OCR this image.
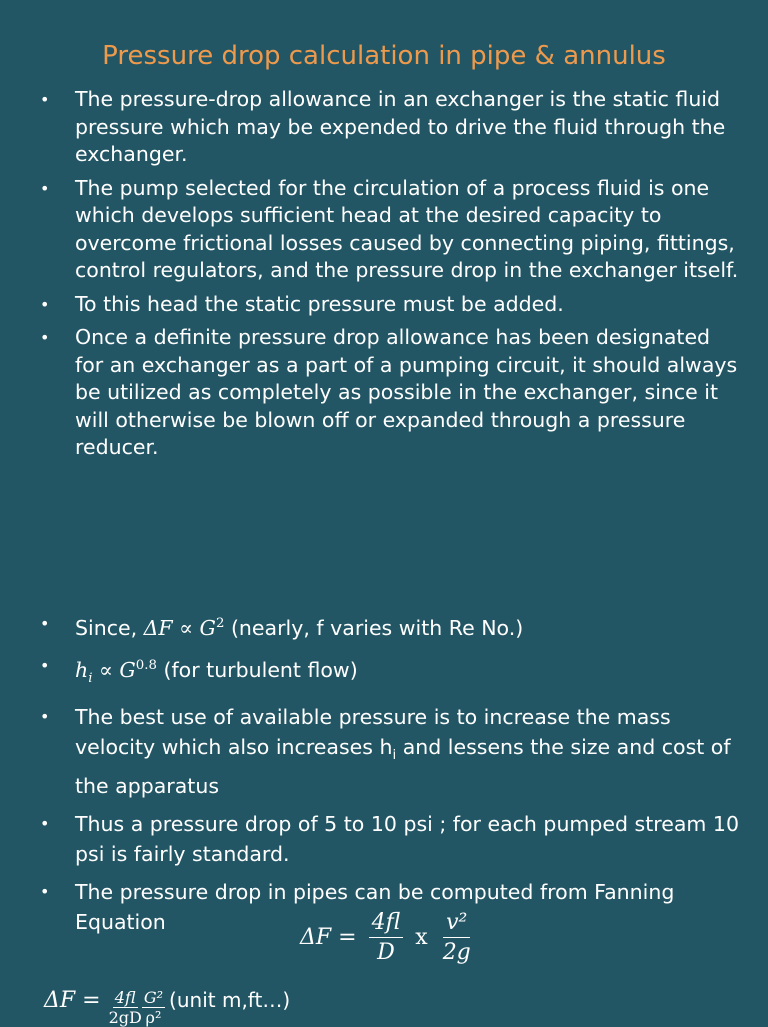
Pressure drop calculation in pipe & annulus
• The pressure-drop allowance in an exchanger is the static fluid pressure which may be expended to drive the fluid through the exchanger.
• The pump selected for the circulation of a process fluid is one which develops sufficient head at the desired capacity to overcome frictional losses caused by connecting piping, fittings, control regulators, and the pressure drop in the exchanger itself.
• To this head the static pressure must be added.
• Once a definite pressure drop allowance has been designated for an exchanger as a part of a pumping circuit, it should always be utilized as completely as possible in the exchanger, since it will otherwise be blown off or expanded through a pressure reducer.
• Since, $\Delta F \propto G^2$ (nearly, f varies with Re No.)
• $h_i \propto G^{0.8}$ (for turbulent flow)
• The best use of available pressure is to increase the mass velocity which also increases $h_i$ and lessens the size and cost of the apparatus
• Thus a pressure drop of 5 to 10 psi ; for each pumped stream 10 psi is fairly standard.
• The pressure drop in pipes can be computed from Fanning Equation
$\Delta F = \frac{4fl}{D}$ x $\frac{\text{v²}}{2g}$
$\Delta F = \frac{4fl}{2gD} \frac{\text{G²}}{\text{ρ²}}$ (unit m,ft…)
